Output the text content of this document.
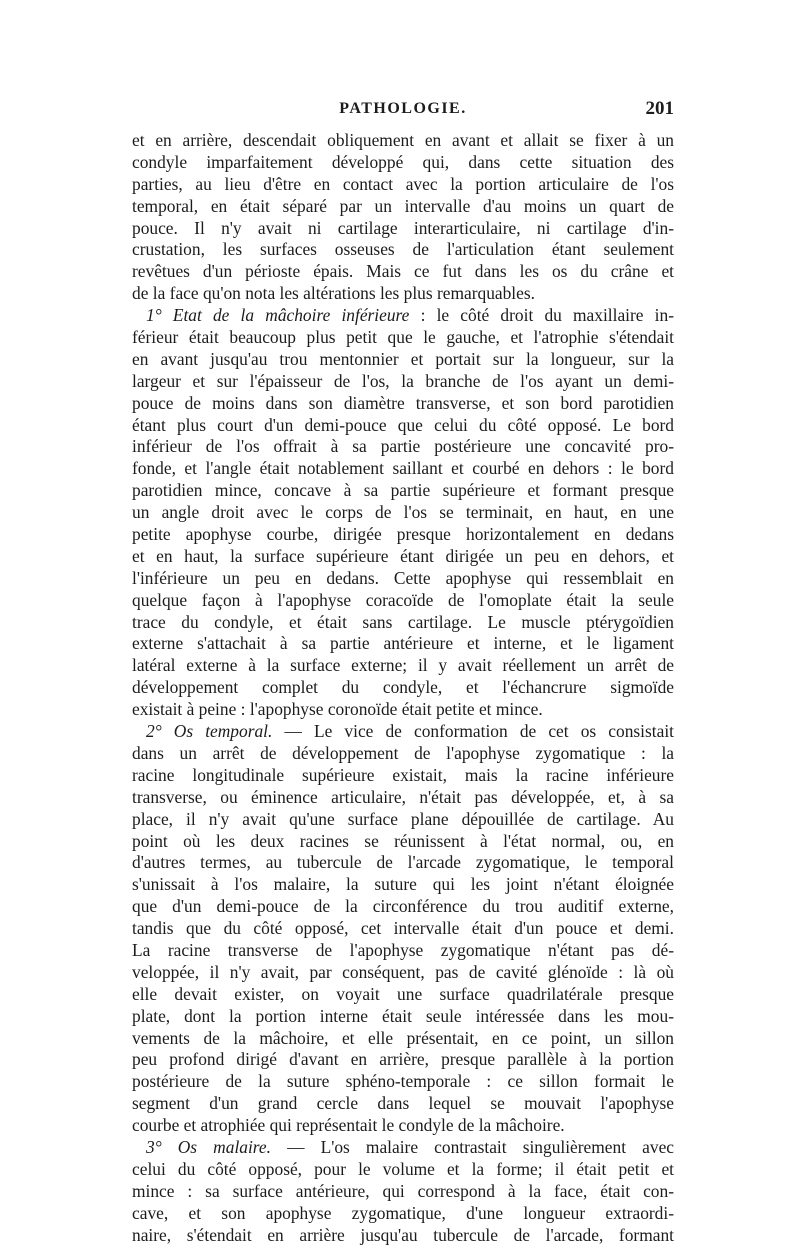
PATHOLOGIE.	201
et en arrière, descendait obliquement en avant et allait se fixer à un
condyle imparfaitement développé qui, dans cette situation des
parties, au lieu d'être en contact avec la portion articulaire de l'os
temporal, en était séparé par un intervalle d'au moins un quart de
pouce. Il n'y avait ni cartilage interarticulaire, ni cartilage d'in-
crustation, les surfaces osseuses de l'articulation étant seulement
revêtues d'un périoste épais. Mais ce fut dans les os du crâne et
de la face qu'on nota les altérations les plus remarquables.
1° Etat de la mâchoire inférieure : le côté droit du maxillaire in-
férieur était beaucoup plus petit que le gauche, et l'atrophie s'étendait
en avant jusqu'au trou mentonnier et portait sur la longueur, sur la
largeur et sur l'épaisseur de l'os, la branche de l'os ayant un demi-
pouce de moins dans son diamètre transverse, et son bord parotidien
étant plus court d'un demi-pouce que celui du côté opposé. Le bord
inférieur de l'os offrait à sa partie postérieure une concavité pro-
fonde, et l'angle était notablement saillant et courbé en dehors : le bord
parotidien mince, concave à sa partie supérieure et formant presque
un angle droit avec le corps de l'os se terminait, en haut, en une
petite apophyse courbe, dirigée presque horizontalement en dedans
et en haut, la surface supérieure étant dirigée un peu en dehors, et
l'inférieure un peu en dedans. Cette apophyse qui ressemblait en
quelque façon à l'apophyse coracoïde de l'omoplate était la seule
trace du condyle, et était sans cartilage. Le muscle ptérygoïdien
externe s'attachait à sa partie antérieure et interne, et le ligament
latéral externe à la surface externe; il y avait réellement un arrêt de
développement complet du condyle, et l'échancrure sigmoïde
existait à peine : l'apophyse coronoïde était petite et mince.
2° Os temporal. — Le vice de conformation de cet os consistait
dans un arrêt de développement de l'apophyse zygomatique : la
racine longitudinale supérieure existait, mais la racine inférieure
transverse, ou éminence articulaire, n'était pas développée, et, à sa
place, il n'y avait qu'une surface plane dépouillée de cartilage. Au
point où les deux racines se réunissent à l'état normal, ou, en
d'autres termes, au tubercule de l'arcade zygomatique, le temporal
s'unissait à l'os malaire, la suture qui les joint n'étant éloignée
que d'un demi-pouce de la circonférence du trou auditif externe,
tandis que du côté opposé, cet intervalle était d'un pouce et demi.
La racine transverse de l'apophyse zygomatique n'étant pas dé-
veloppée, il n'y avait, par conséquent, pas de cavité glénoïde : là où
elle devait exister, on voyait une surface quadrilatérale presque
plate, dont la portion interne était seule intéressée dans les mou-
vements de la mâchoire, et elle présentait, en ce point, un sillon
peu profond dirigé d'avant en arrière, presque parallèle à la portion
postérieure de la suture sphéno-temporale : ce sillon formait le
segment d'un grand cercle dans lequel se mouvait l'apophyse
courbe et atrophiée qui représentait le condyle de la mâchoire.
3° Os malaire. — L'os malaire contrastait singulièrement avec
celui du côté opposé, pour le volume et la forme; il était petit et
mince : sa surface antérieure, qui correspond à la face, était con-
cave, et son apophyse zygomatique, d'une longueur extraordi-
naire, s'étendait en arrière jusqu'au tubercule de l'arcade, formant
